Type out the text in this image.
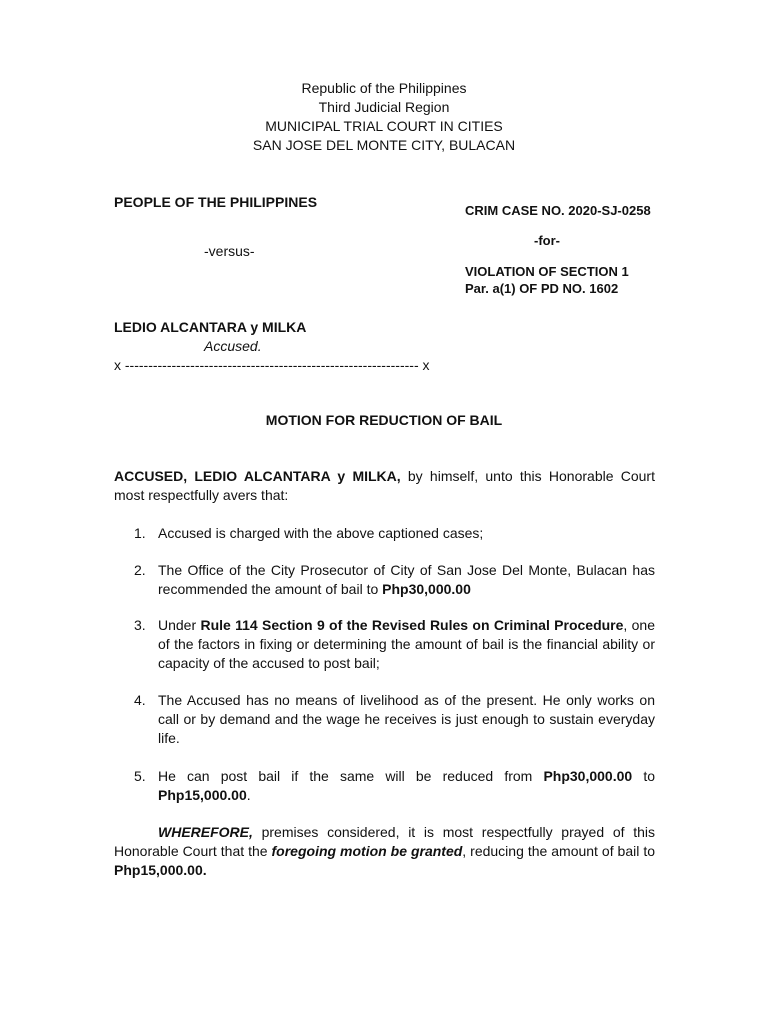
Republic of the Philippines
Third Judicial Region
MUNICIPAL TRIAL COURT IN CITIES
SAN JOSE DEL MONTE CITY, BULACAN
PEOPLE OF THE PHILIPPINES
-versus-
LEDIO ALCANTARA y MILKA
Accused.
x --------------------------------------------------------------- x
CRIM CASE NO. 2020-SJ-0258
-for-
VIOLATION OF SECTION 1
Par. a(1) OF PD NO. 1602
MOTION FOR REDUCTION OF BAIL
ACCUSED, LEDIO ALCANTARA y MILKA, by himself, unto this Honorable Court most respectfully avers that:
1. Accused is charged with the above captioned cases;
2. The Office of the City Prosecutor of City of San Jose Del Monte, Bulacan has recommended the amount of bail to Php30,000.00
3. Under Rule 114 Section 9 of the Revised Rules on Criminal Procedure, one of the factors in fixing or determining the amount of bail is the financial ability or capacity of the accused to post bail;
4. The Accused has no means of livelihood as of the present. He only works on call or by demand and the wage he receives is just enough to sustain everyday life.
5. He can post bail if the same will be reduced from Php30,000.00 to Php15,000.00.
WHEREFORE, premises considered, it is most respectfully prayed of this Honorable Court that the foregoing motion be granted, reducing the amount of bail to Php15,000.00.
